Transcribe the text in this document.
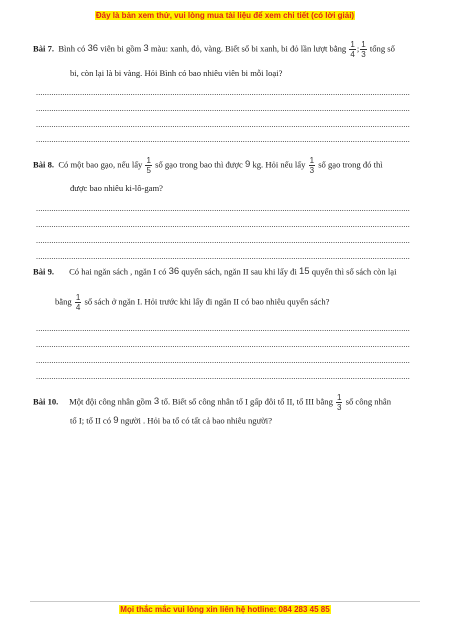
Đây là bản xem thử, vui lòng mua tài liệu để xem chi tiết (có lời giải)
Bài 7. Bình có 36 viên bi gồm 3 màu: xanh, đỏ, vàng. Biết số bi xanh, bi đỏ lần lượt bằng $\frac{1}{4}$ ; $\frac{1}{3}$ tổng số
bi, còn lại là bi vàng. Hỏi Bình có bao nhiêu viên bi mỗi loại?
..........................................................................................................................................................................
..........................................................................................................................................................................
..........................................................................................................................................................................
..........................................................................................................................................................................
Bài 8. Có một bao gạo, nếu lấy $\frac{1}{5}$ số gạo trong bao thì được 9 kg. Hỏi nếu lấy $\frac{1}{3}$ số gạo trong đó thì
được bao nhiêu ki-lô-gam?
..........................................................................................................................................................................
..........................................................................................................................................................................
..........................................................................................................................................................................
..........................................................................................................................................................................
Bài 9. Có hai ngăn sách , ngăn I có 36 quyển sách, ngăn II sau khi lấy đi 15 quyển thì số sách còn lại
bằng $\frac{1}{4}$ số sách ở ngăn I. Hỏi trước khi lấy đi ngăn II có bao nhiêu quyển sách?
..........................................................................................................................................................................
..........................................................................................................................................................................
..........................................................................................................................................................................
..........................................................................................................................................................................
Bài 10. Một đội công nhân gồm 3 tổ. Biết số công nhân tổ I gấp đôi tổ II, tổ III bằng $\frac{1}{3}$ số công nhân
tổ I; tổ II có 9 người . Hỏi ba tổ có tất cả bao nhiêu người?
Mọi thắc mắc vui lòng xin liên hệ hotline: 084 283 45 85
